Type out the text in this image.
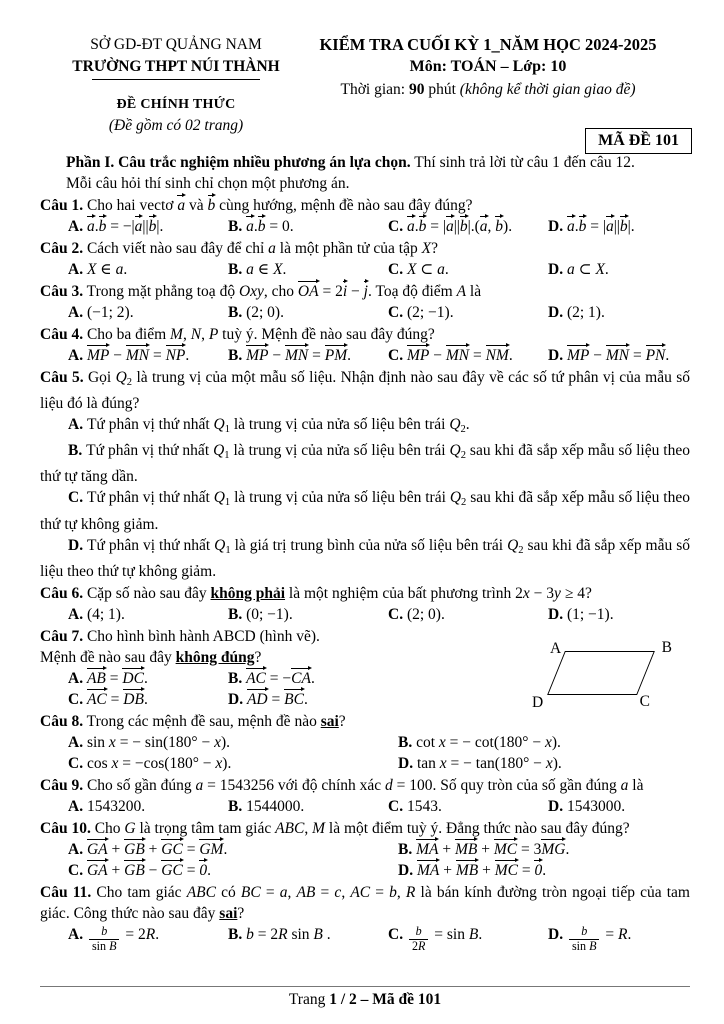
SỞ GD-ĐT QUẢNG NAM
TRƯỜNG THPT NÚI THÀNH
ĐỀ CHÍNH THỨC
(Đề gồm có 02 trang)
KIỂM TRA CUỐI KỲ 1_NĂM HỌC 2024-2025
Môn: TOÁN – Lớp: 10
Thời gian: 90 phút (không kể thời gian giao đề)
MÃ ĐỀ 101

Phần I. Câu trắc nghiệm nhiều phương án lựa chọn. Thí sinh trả lời từ câu 1 đến câu 12.

Mỗi câu hỏi thí sinh chỉ chọn một phương án.

Câu 1. Cho hai vectơ a và b cùng hướng, mệnh đề nào sau đây đúng?

A. a.b = −|a||b|.	B. a.b = 0.	C. a.b = |a||b|.(a, b).	D. a.b = |a||b|.

Câu 2. Cách viết nào sau đây để chỉ a là một phần tử của tập X?

A. X ∈ a.	B. a ∈ X.	C. X ⊂ a.	D. a ⊂ X.

Câu 3. Trong mặt phẳng toạ độ Oxy, cho OA = 2i − j. Toạ độ điểm A là

A. (−1; 2).	B. (2; 0).	C. (2; −1).	D. (2; 1).

Câu 4. Cho ba điểm M, N, P tuỳ ý. Mệnh đề nào sau đây đúng?

A. MP − MN = NP.	B. MP − MN = PM.	C. MP − MN = NM.	D. MP − MN = PN.

Câu 5. Gọi $Q_2$ là trung vị của một mẫu số liệu. Nhận định nào sau đây về các số tứ phân vị của mẫu số liệu đó là đúng?

A. Tứ phân vị thứ nhất $Q_1$ là trung vị của nửa số liệu bên trái $Q_2$.
B. Tứ phân vị thứ nhất $Q_1$ là trung vị của nửa số liệu bên trái $Q_2$ sau khi đã sắp xếp mẫu số liệu theo thứ tự tăng dần.
C. Tứ phân vị thứ nhất $Q_1$ là trung vị của nửa số liệu bên trái $Q_2$ sau khi đã sắp xếp mẫu số liệu theo thứ tự không giảm.
D. Tứ phân vị thứ nhất $Q_1$ là giá trị trung bình của nửa số liệu bên trái $Q_2$ sau khi đã sắp xếp mẫu số liệu theo thứ tự không giảm.

Câu 6. Cặp số nào sau đây không phải là một nghiệm của bất phương trình 2x − 3y ≥ 4?

A. (4; 1).	B. (0; −1).	C. (2; 0).	D. (1; −1).
A	B
C
D

Câu 7. Cho hình bình hành ABCD (hình vẽ).

Mệnh đề nào sau đây không đúng?

A. AB = DC.	B. AC = −CA.
C. AC = DB.	D. AD = BC.

Câu 8. Trong các mệnh đề sau, mệnh đề nào sai?

A. sin x = − sin(180° − x).	B. cot x = − cot(180° − x).
C. cos x = −cos(180° − x).	D. tan x = − tan(180° − x).

Câu 9. Cho số gần đúng a = 1543256 với độ chính xác d = 100. Số quy tròn của số gần đúng a là

A. 1543200.	B. 1544000.	C. 1543.	D. 1543000.

Câu 10. Cho G là trọng tâm tam giác ABC, M là một điểm tuỳ ý. Đẳng thức nào sau đây đúng?

A. GA + GB + GC = GM.	B. MA + MB + MC = 3MG.
C. GA + GB − GC = 0.	D. MA + MB + MC = 0.

Câu 11. Cho tam giác ABC có BC = a, AB = c, AC = b, R là bán kính đường tròn ngoại tiếp của tam giác. Công thức nào sau đây sai?

A. $\frac{b}{\text{sin B}} = 2R$.	B. b = 2R sin B .	C. $\frac{b}{2R} = \sin B$.	D. $\frac{b}{\text{sin B}} = R$.
Trang 1 / 2 – Mã đề 101
